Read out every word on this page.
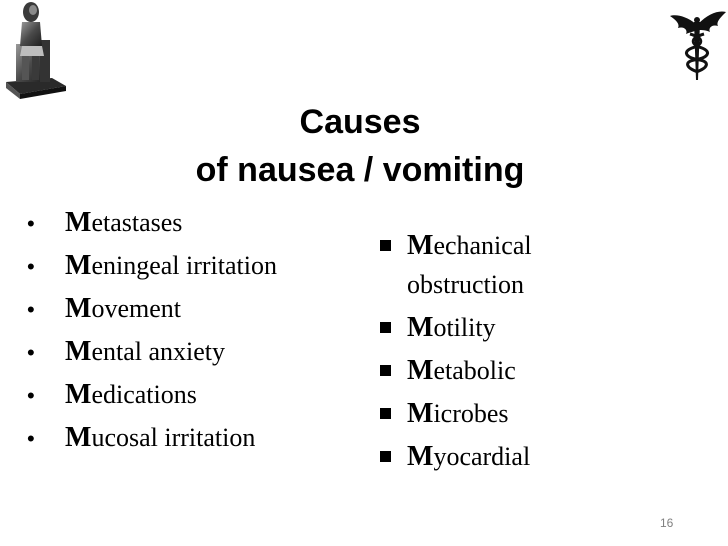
Causes
of nausea / vomiting
• Metastases
• Meningeal irritation
• Movement
• Mental anxiety
• Medications
• Mucosal irritation
Mechanical
obstruction
Motility
Metabolic
Microbes
Myocardial
16
